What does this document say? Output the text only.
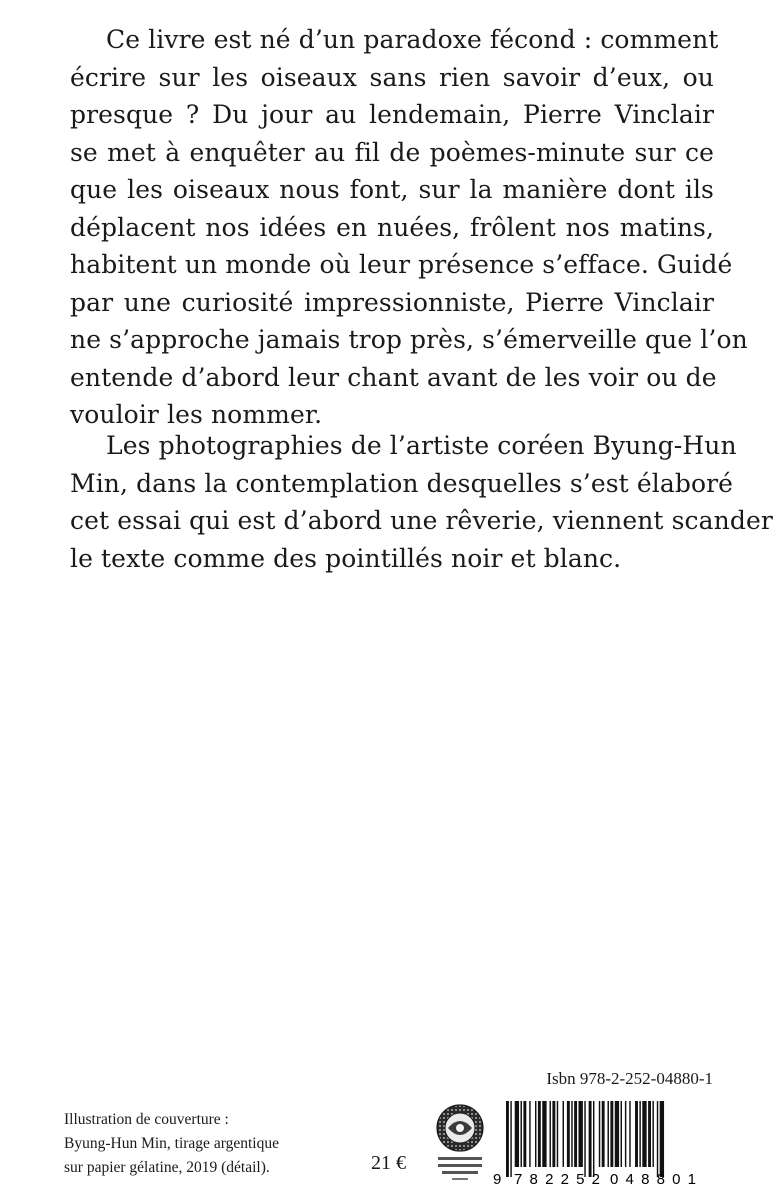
Ce livre est né d’un paradoxe fécond : comment
écrire sur les oiseaux sans rien savoir d’eux, ou
presque ? Du jour au lendemain, Pierre Vinclair
se met à enquêter au fil de poèmes-minute sur ce
que les oiseaux nous font, sur la manière dont ils
déplacent nos idées en nuées, frôlent nos matins,
habitent un monde où leur présence s’efface. Guidé
par une curiosité impressionniste, Pierre Vinclair
ne s’approche jamais trop près, s’émerveille que l’on
entende d’abord leur chant avant de les voir ou de
vouloir les nommer.
Les photographies de l’artiste coréen Byung-Hun
Min, dans la contemplation desquelles s’est élaboré
cet essai qui est d’abord une rêverie, viennent scander
le texte comme des pointillés noir et blanc.
Isbn 978-2-252-04880-1
Illustration de couverture :
Byung-Hun Min, tirage argentique
sur papier gélatine, 2019 (détail).	21 €
9 782252 048801
